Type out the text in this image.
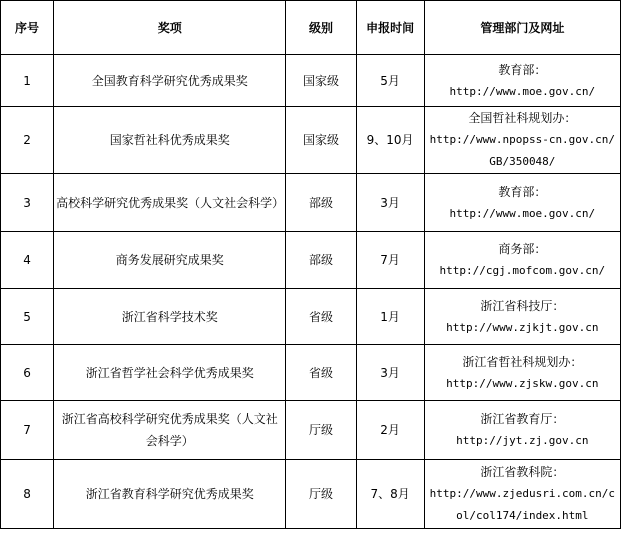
序号	奖项	级别	申报时间	管理部门及网址
1	全国教育科学研究优秀成果奖	国家级	5月	教育部：
http://www.moe.gov.cn/

2	国家哲社科优秀成果奖	国家级	9、10月	全国哲社科规划办：
http://www.npopss-cn.gov.cn/GB/350048/

3	高校科学研究优秀成果奖（人文社会科学）	部级	3月	教育部：
http://www.moe.gov.cn/

4	商务发展研究成果奖	部级	7月	商务部：
http://cgj.mofcom.gov.cn/

5	浙江省科学技术奖	省级	1月	浙江省科技厅：
http://www.zjkjt.gov.cn

6	浙江省哲学社会科学优秀成果奖	省级	3月	浙江省哲社科规划办：
http://www.zjskw.gov.cn

7	浙江省高校科学研究优秀成果奖（人文社会科学）	厅级	2月	浙江省教育厅：
http://jyt.zj.gov.cn

8	浙江省教育科学研究优秀成果奖	厅级	7、8月	浙江省教科院：
http://www.zjedusri.com.cn/col/col174/index.html
